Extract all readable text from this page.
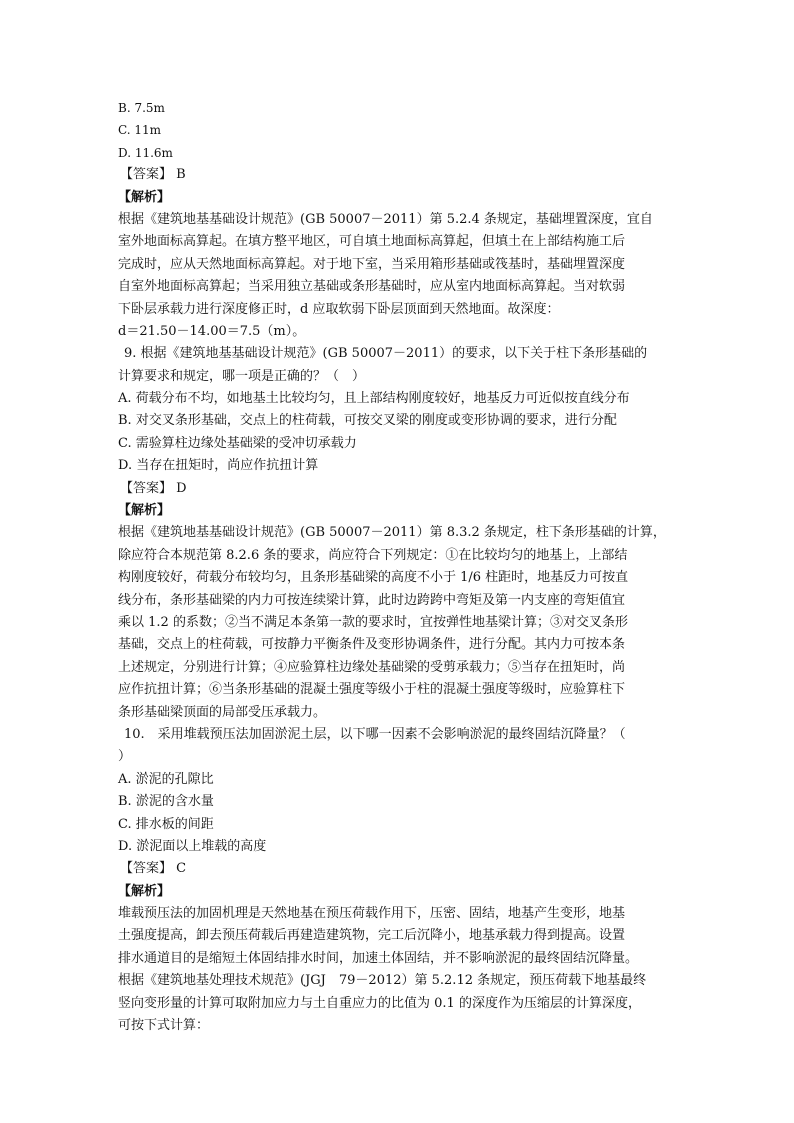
B. 7.5m
C. 11m
D. 11.6m
【答案】 B
【解析】
根据《建筑地基基础设计规范》(GB 50007－2011）第 5.2.4 条规定，基础埋置深度，宜自
室外地面标高算起。在填方整平地区，可自填土地面标高算起，但填土在上部结构施工后
完成时，应从天然地面标高算起。对于地下室，当采用箱形基础或筏基时，基础埋置深度
自室外地面标高算起；当采用独立基础或条形基础时，应从室内地面标高算起。当对软弱
下卧层承载力进行深度修正时，d 应取软弱下卧层顶面到天然地面。故深度：
d＝21.50－14.00＝7.5（m）。
9. 根据《建筑地基基础设计规范》(GB 50007－2011）的要求，以下关于柱下条形基础的
计算要求和规定，哪一项是正确的？（　）
A. 荷载分布不均，如地基土比较均匀，且上部结构刚度较好，地基反力可近似按直线分布
B. 对交叉条形基础，交点上的柱荷载，可按交叉梁的刚度或变形协调的要求，进行分配
C. 需验算柱边缘处基础梁的受冲切承载力
D. 当存在扭矩时，尚应作抗扭计算
【答案】 D
【解析】
根据《建筑地基基础设计规范》(GB 50007－2011）第 8.3.2 条规定，柱下条形基础的计算，
除应符合本规范第 8.2.6 条的要求，尚应符合下列规定：①在比较均匀的地基上，上部结
构刚度较好，荷载分布较均匀，且条形基础梁的高度不小于 1/6 柱距时，地基反力可按直
线分布，条形基础梁的内力可按连续梁计算，此时边跨跨中弯矩及第一内支座的弯矩值宜
乘以 1.2 的系数；②当不满足本条第一款的要求时，宜按弹性地基梁计算；③对交叉条形
基础，交点上的柱荷载，可按静力平衡条件及变形协调条件，进行分配。其内力可按本条
上述规定，分别进行计算；④应验算柱边缘处基础梁的受剪承载力；⑤当存在扭矩时，尚
应作抗扭计算；⑥当条形基础的混凝土强度等级小于柱的混凝土强度等级时，应验算柱下
条形基础梁顶面的局部受压承载力。
10.　采用堆载预压法加固淤泥土层，以下哪一因素不会影响淤泥的最终固结沉降量？（
）
A. 淤泥的孔隙比
B. 淤泥的含水量
C. 排水板的间距
D. 淤泥面以上堆载的高度
【答案】 C
【解析】
堆载预压法的加固机理是天然地基在预压荷载作用下，压密、固结，地基产生变形，地基
土强度提高，卸去预压荷载后再建造建筑物，完工后沉降小，地基承载力得到提高。设置
排水通道目的是缩短土体固结排水时间，加速土体固结，并不影响淤泥的最终固结沉降量。
根据《建筑地基处理技术规范》(JGJ　79－2012）第 5.2.12 条规定，预压荷载下地基最终
竖向变形量的计算可取附加应力与土自重应力的比值为 0.1 的深度作为压缩层的计算深度，
可按下式计算：
